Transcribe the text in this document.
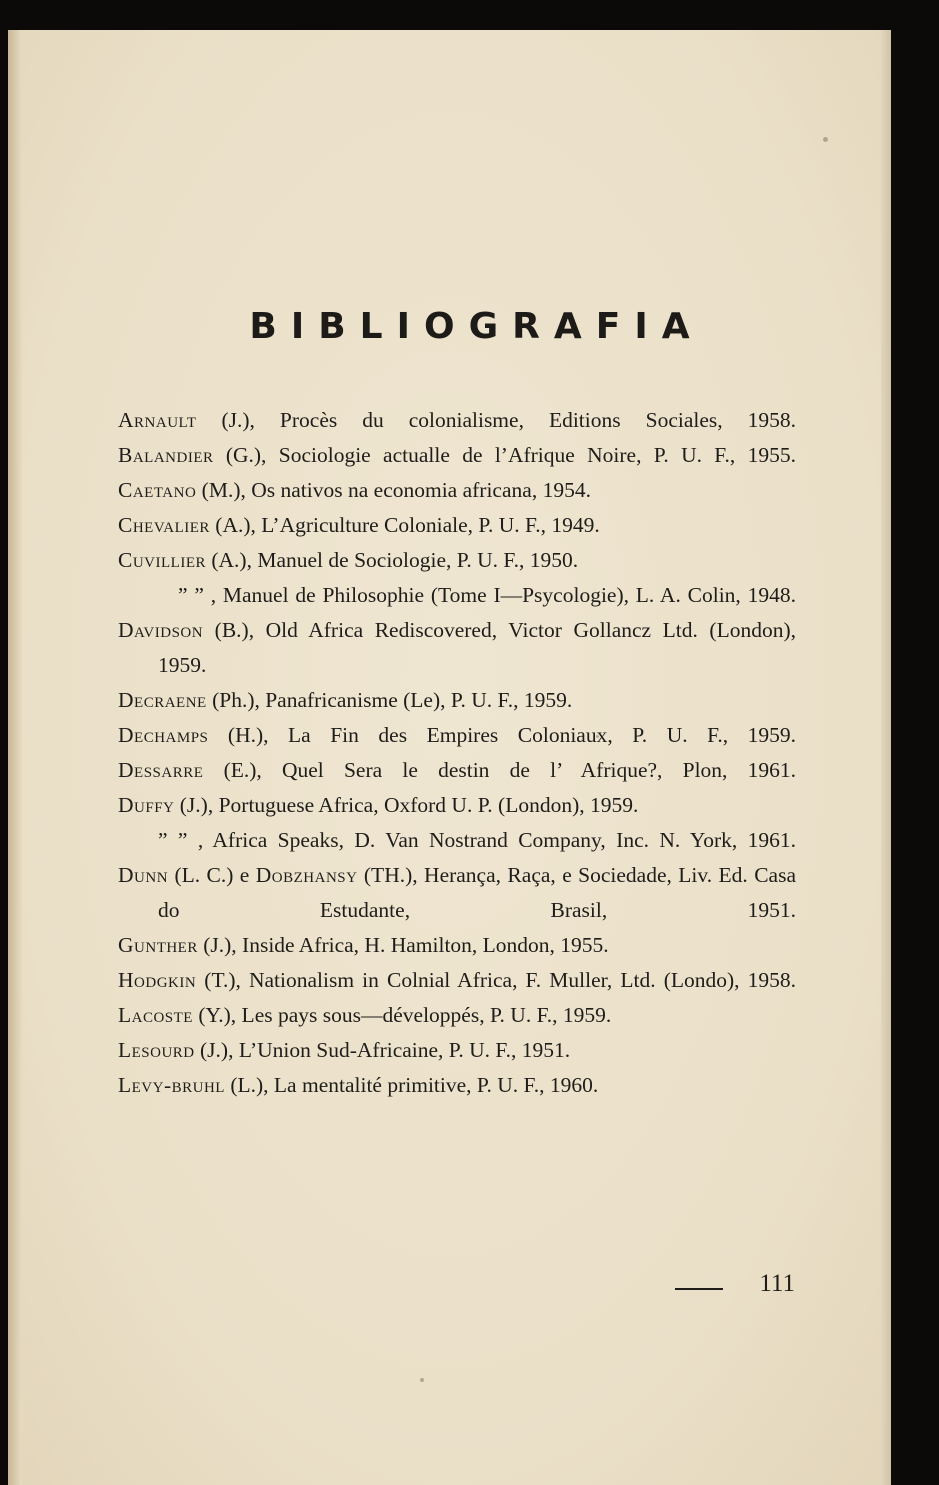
BIBLIOGRAFIA
Arnault (J.), Procès du colonialisme, Editions Sociales, 1958.
Balandier (G.), Sociologie actualle de l’Afrique Noire, P. U. F., 1955.
Caetano (M.), Os nativos na economia africana, 1954.
Chevalier (A.), L’Agriculture Coloniale, P. U. F., 1949.
Cuvillier (A.), Manuel de Sociologie, P. U. F., 1950.
” ” , Manuel de Philosophie (Tome I—Psycologie), L. A. Colin, 1948.
Davidson (B.), Old Africa Rediscovered, Victor Gollancz Ltd. (London), 1959.
Decraene (Ph.), Panafricanisme (Le), P. U. F., 1959.
Dechamps (H.), La Fin des Empires Coloniaux, P. U. F., 1959.
Dessarre (E.), Quel Sera le destin de l’ Afrique?, Plon, 1961.
Duffy (J.), Portuguese Africa, Oxford U. P. (London), 1959.
” ” , Africa Speaks, D. Van Nostrand Company, Inc. N. York, 1961.
Dunn (L. C.) e Dobzhansy (TH.), Herança, Raça, e Sociedade, Liv. Ed. Casa do Estudante, Brasil, 1951.
Gunther (J.), Inside Africa, H. Hamilton, London, 1955.
Hodgkin (T.), Nationalism in Colnial Africa, F. Muller, Ltd. (Londo), 1958.
Lacoste (Y.), Les pays sous—développés, P. U. F., 1959.
Lesourd (J.), L’Union Sud-Africaine, P. U. F., 1951.
Levy-bruhl (L.), La mentalité primitive, P. U. F., 1960.
111
